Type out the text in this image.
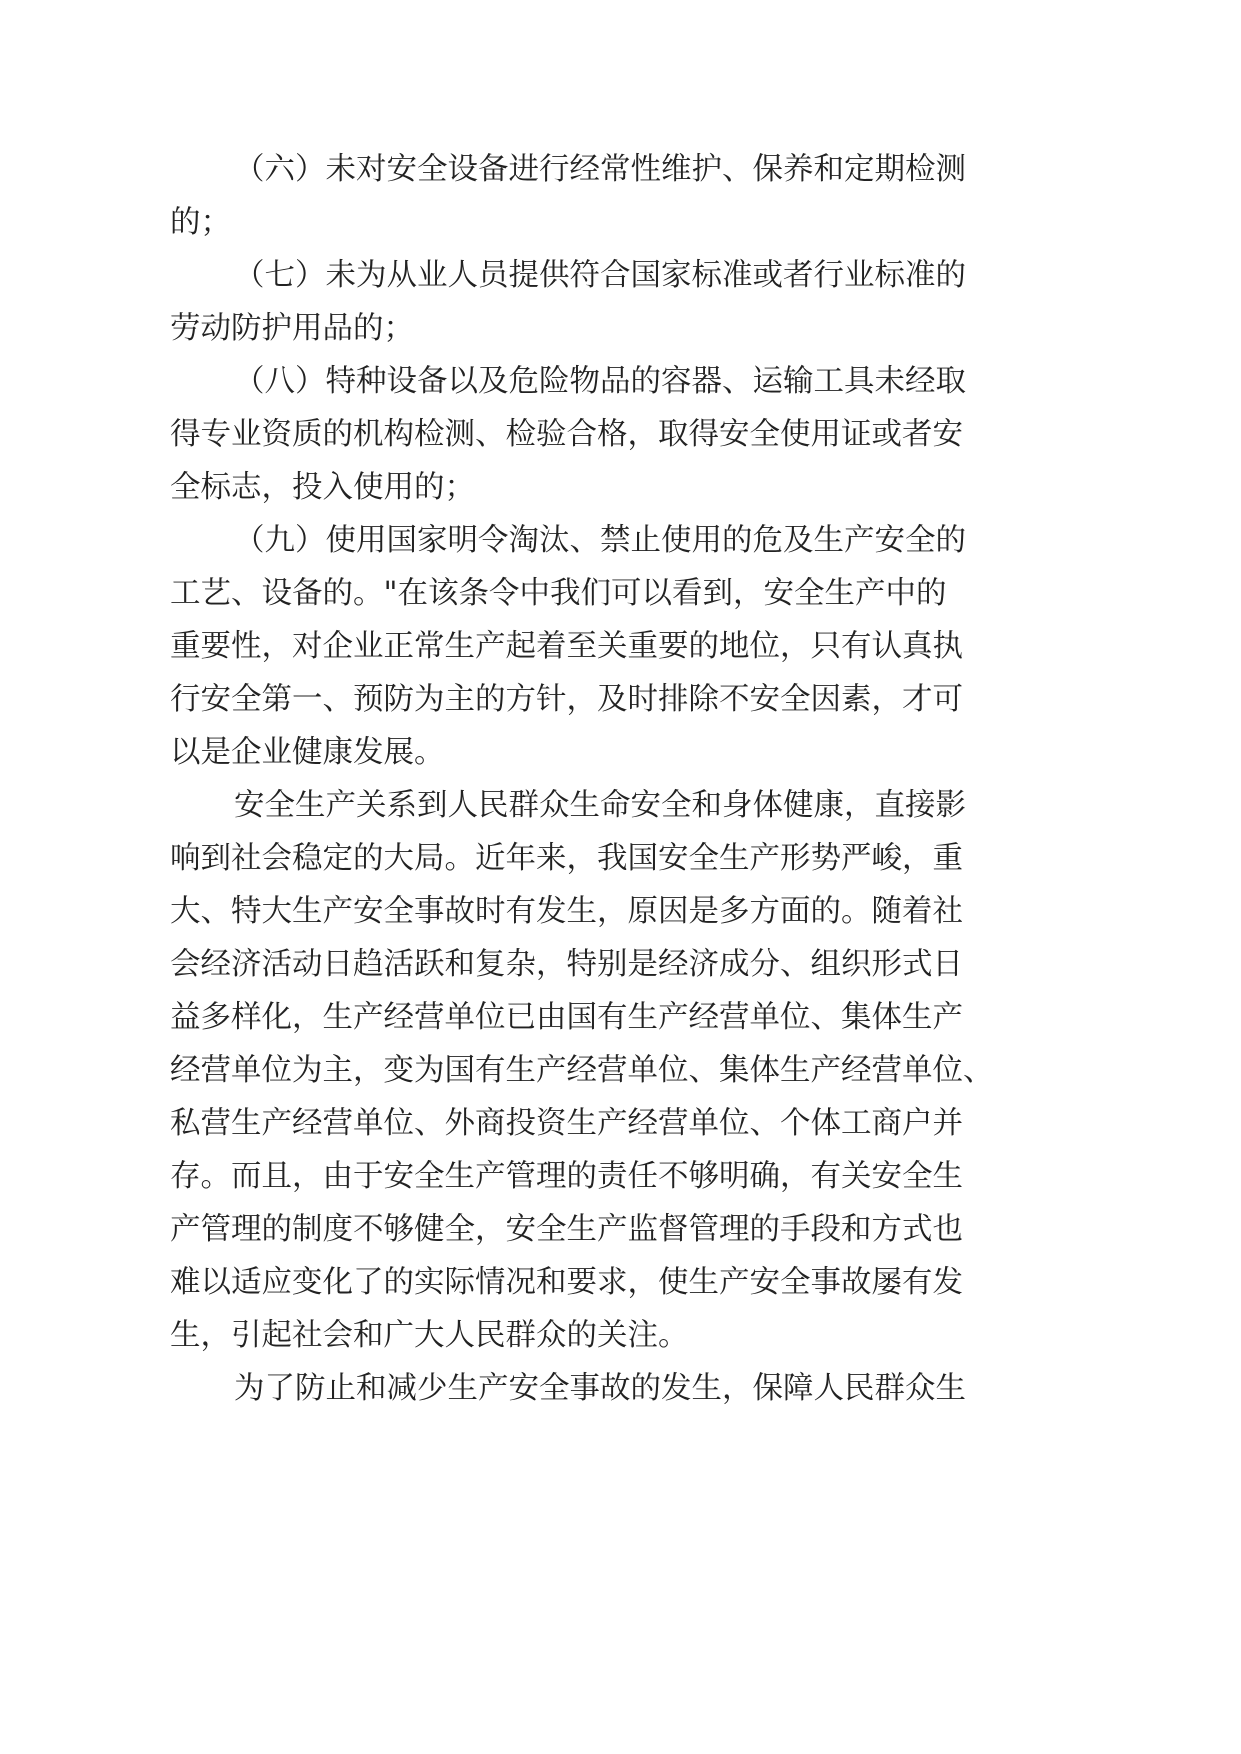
（六）未对安全设备进行经常性维护、保养和定期检测
的；
（七）未为从业人员提供符合国家标准或者行业标准的
劳动防护用品的；
（八）特种设备以及危险物品的容器、运输工具未经取
得专业资质的机构检测、检验合格，取得安全使用证或者安
全标志，投入使用的；
（九）使用国家明令淘汰、禁止使用的危及生产安全的
工艺、设备的。"在该条令中我们可以看到，安全生产中的
重要性，对企业正常生产起着至关重要的地位，只有认真执
行安全第一、预防为主的方针，及时排除不安全因素，才可
以是企业健康发展。
安全生产关系到人民群众生命安全和身体健康，直接影
响到社会稳定的大局。近年来，我国安全生产形势严峻，重
大、特大生产安全事故时有发生，原因是多方面的。随着社
会经济活动日趋活跃和复杂，特别是经济成分、组织形式日
益多样化，生产经营单位已由国有生产经营单位、集体生产
经营单位为主，变为国有生产经营单位、集体生产经营单位、
私营生产经营单位、外商投资生产经营单位、个体工商户并
存。而且，由于安全生产管理的责任不够明确，有关安全生
产管理的制度不够健全，安全生产监督管理的手段和方式也
难以适应变化了的实际情况和要求，使生产安全事故屡有发
生，引起社会和广大人民群众的关注。
为了防止和减少生产安全事故的发生，保障人民群众生
